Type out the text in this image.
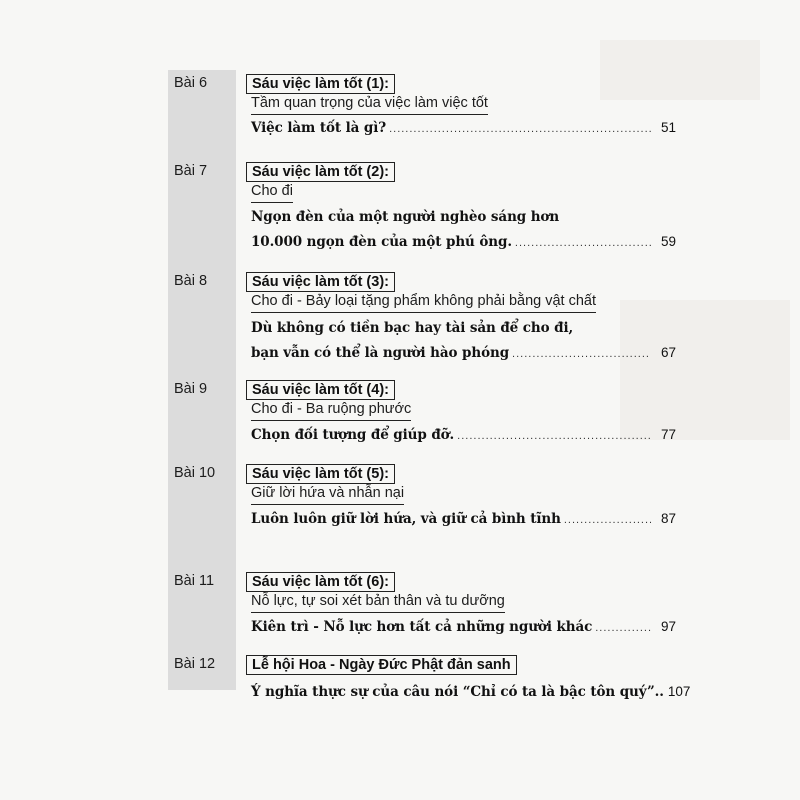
Bài 6	Sáu việc làm tốt (1):
Tầm quan trọng của việc làm việc tốt
Việc làm tốt là gì? .....	51
Bài 7	Sáu việc làm tốt (2):
Cho đi
Ngọn đèn của một người nghèo sáng hơn
10.000 ngọn đèn của một phú ông. .....	59
Bài 8	Sáu việc làm tốt (3):
Cho đi - Bảy loại tặng phẩm không phải bằng vật chất
Dù không có tiền bạc hay tài sản để cho đi,
bạn vẫn có thể là người hào phóng .....	67
Bài 9	Sáu việc làm tốt (4):
Cho đi - Ba ruộng phước
Chọn đối tượng để giúp đỡ. .....	77
Bài 10	Sáu việc làm tốt (5):
Giữ lời hứa và nhẫn nại
Luôn luôn giữ lời hứa, và giữ cả bình tĩnh .....	87
Bài 11	Sáu việc làm tốt (6):
Nỗ lực, tự soi xét bản thân và tu dưỡng
Kiên trì - Nỗ lực hơn tất cả những người khác .....	97
Bài 12	Lễ hội Hoa - Ngày Đức Phật đản sanh
Ý nghĩa thực sự của câu nói “Chỉ có ta là bậc tôn quý”.. 107
